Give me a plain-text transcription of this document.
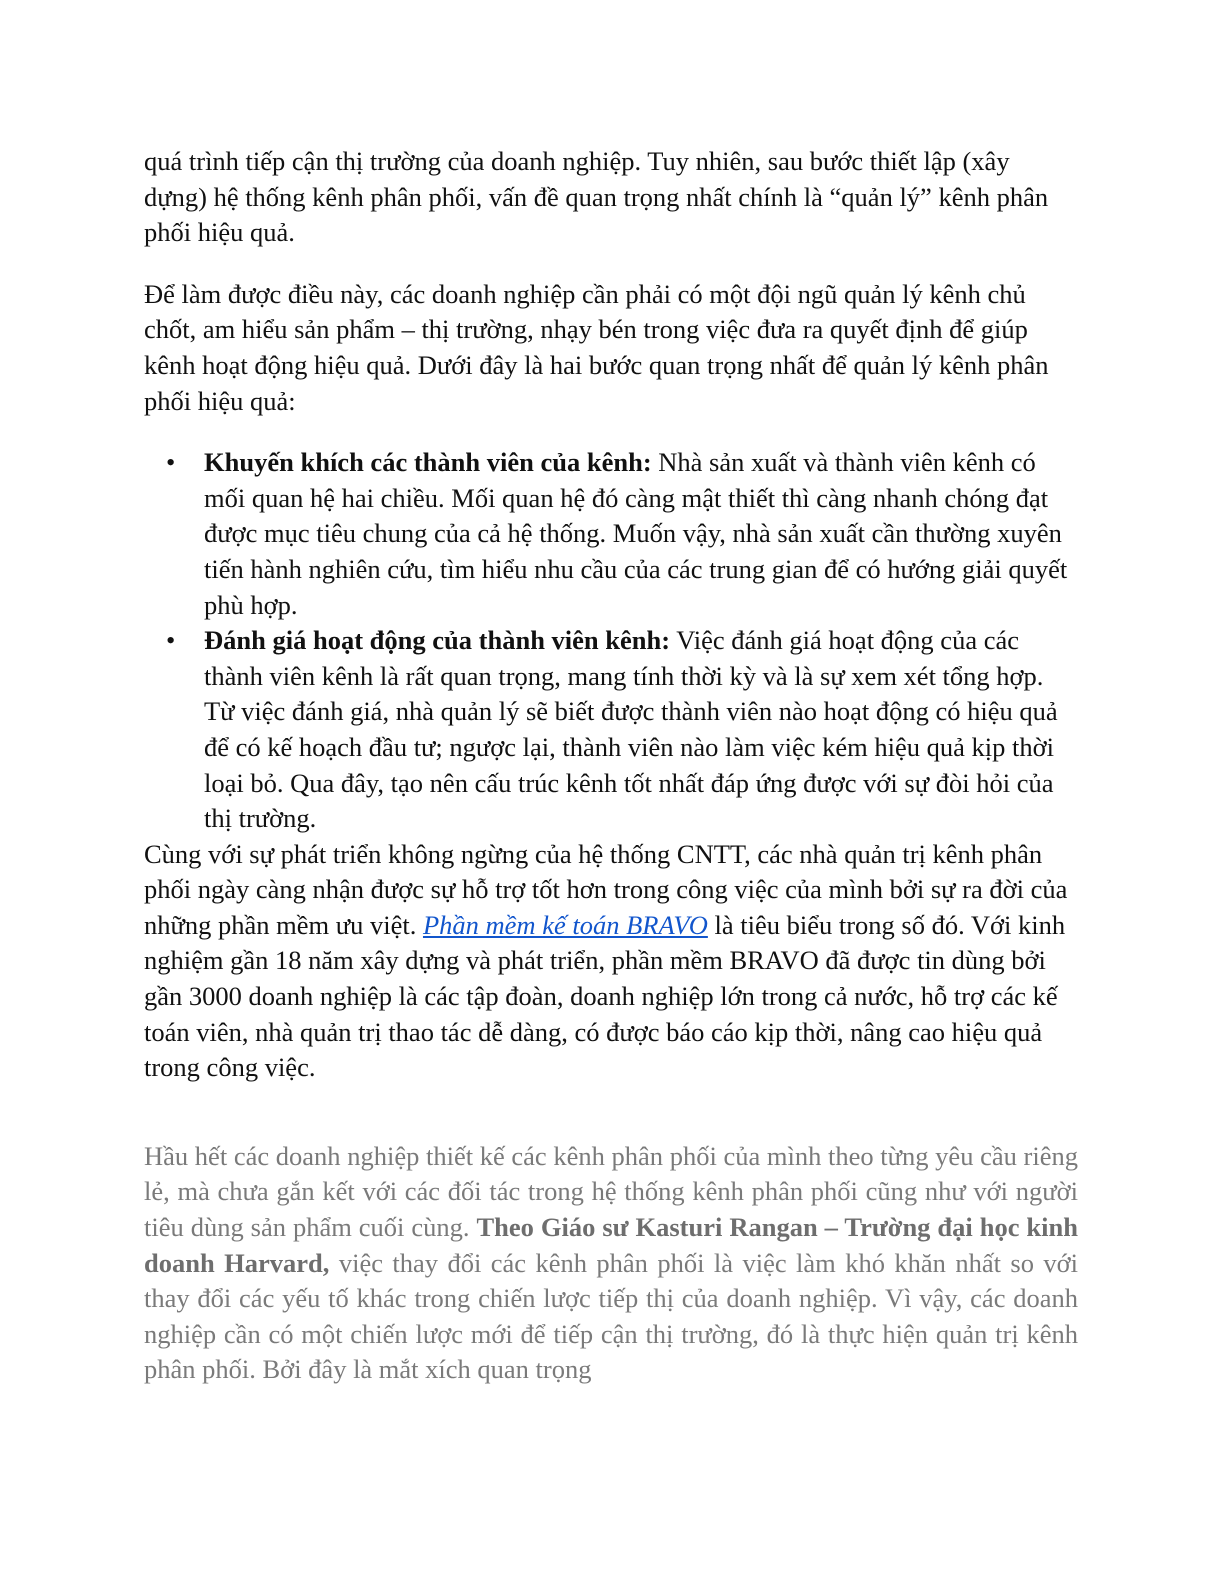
quá trình tiếp cận thị trường của doanh nghiệp. Tuy nhiên, sau bước thiết lập (xây dựng) hệ thống kênh phân phối, vấn đề quan trọng nhất chính là “quản lý” kênh phân phối hiệu quả.

Để làm được điều này, các doanh nghiệp cần phải có một đội ngũ quản lý kênh chủ chốt, am hiểu sản phẩm – thị trường, nhạy bén trong việc đưa ra quyết định để giúp kênh hoạt động hiệu quả. Dưới đây là hai bước quan trọng nhất để quản lý kênh phân phối hiệu quả:

• Khuyến khích các thành viên của kênh: Nhà sản xuất và thành viên kênh có mối quan hệ hai chiều. Mối quan hệ đó càng mật thiết thì càng nhanh chóng đạt được mục tiêu chung của cả hệ thống. Muốn vậy, nhà sản xuất cần thường xuyên tiến hành nghiên cứu, tìm hiểu nhu cầu của các trung gian để có hướng giải quyết phù hợp.
• Đánh giá hoạt động của thành viên kênh: Việc đánh giá hoạt động của các thành viên kênh là rất quan trọng, mang tính thời kỳ và là sự xem xét tổng hợp. Từ việc đánh giá, nhà quản lý sẽ biết được thành viên nào hoạt động có hiệu quả để có kế hoạch đầu tư; ngược lại, thành viên nào làm việc kém hiệu quả kịp thời loại bỏ. Qua đây, tạo nên cấu trúc kênh tốt nhất đáp ứng được với sự đòi hỏi của thị trường.

Cùng với sự phát triển không ngừng của hệ thống CNTT, các nhà quản trị kênh phân phối ngày càng nhận được sự hỗ trợ tốt hơn trong công việc của mình bởi sự ra đời của những phần mềm ưu việt. Phần mềm kế toán BRAVO là tiêu biểu trong số đó. Với kinh nghiệm gần 18 năm xây dựng và phát triển, phần mềm BRAVO đã được tin dùng bởi gần 3000 doanh nghiệp là các tập đoàn, doanh nghiệp lớn trong cả nước, hỗ trợ các kế toán viên, nhà quản trị thao tác dễ dàng, có được báo cáo kịp thời, nâng cao hiệu quả trong công việc.

Hầu hết các doanh nghiệp thiết kế các kênh phân phối của mình theo từng yêu cầu riêng lẻ, mà chưa gắn kết với các đối tác trong hệ thống kênh phân phối cũng như với người tiêu dùng sản phẩm cuối cùng. Theo Giáo sư Kasturi Rangan – Trường đại học kinh doanh Harvard, việc thay đổi các kênh phân phối là việc làm khó khăn nhất so với thay đổi các yếu tố khác trong chiến lược tiếp thị của doanh nghiệp. Vì vậy, các doanh nghiệp cần có một chiến lược mới để tiếp cận thị trường, đó là thực hiện quản trị kênh phân phối. Bởi đây là mắt xích quan trọng
